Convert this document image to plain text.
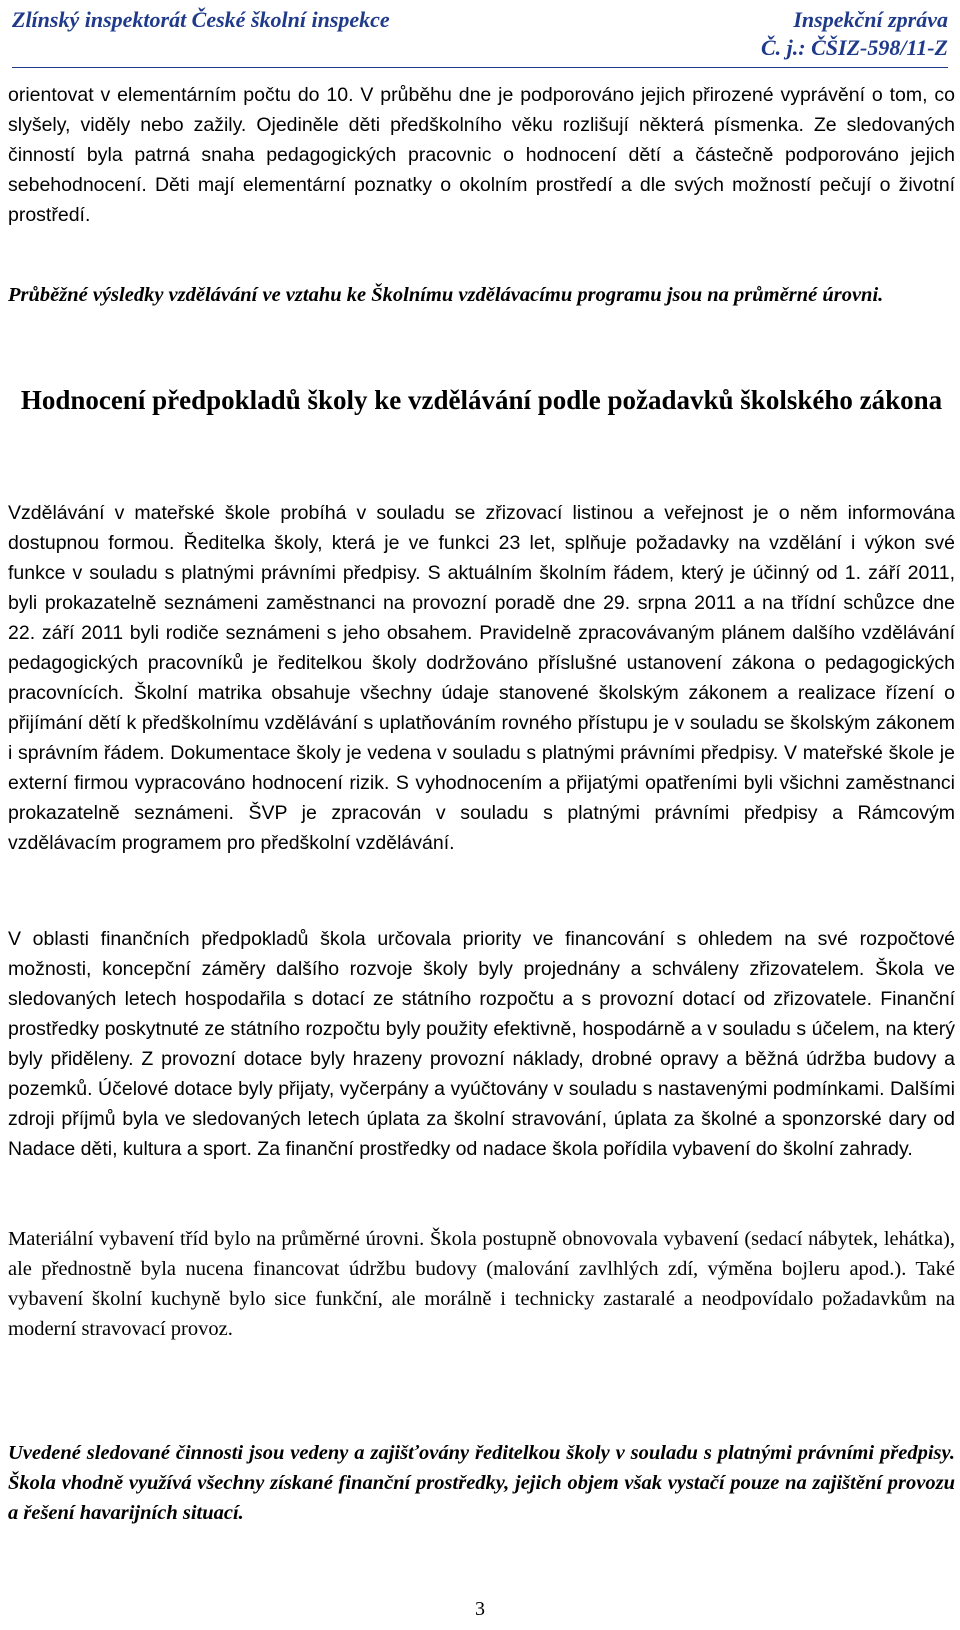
Zlínský inspektorát České školní inspekce	Inspekční zpráva
Č. j.: ČŠIZ-598/11-Z

orientovat v elementárním počtu do 10. V průběhu dne je podporováno jejich přirozené vyprávění o tom, co slyšely, viděly nebo zažily. Ojediněle děti předškolního věku rozlišují některá písmenka. Ze sledovaných činností byla patrná snaha pedagogických pracovnic o hodnocení dětí a částečně podporováno jejich sebehodnocení. Děti mají elementární poznatky o okolním prostředí a dle svých možností pečují o životní prostředí.

Průběžné výsledky vzdělávání ve vztahu ke Školnímu vzdělávacímu programu jsou na průměrné úrovni.

Hodnocení předpokladů školy ke vzdělávání podle požadavků školského zákona

Vzdělávání v mateřské škole probíhá v souladu se zřizovací listinou a veřejnost je o něm informována dostupnou formou. Ředitelka školy, která je ve funkci 23 let, splňuje požadavky na vzdělání i výkon své funkce v souladu s platnými právními předpisy. S aktuálním školním řádem, který je účinný od 1. září 2011, byli prokazatelně seznámeni zaměstnanci na provozní poradě dne 29. srpna 2011 a na třídní schůzce dne 22. září 2011 byli rodiče seznámeni s jeho obsahem. Pravidelně zpracovávaným plánem dalšího vzdělávání pedagogických pracovníků je ředitelkou školy dodržováno příslušné ustanovení zákona o pedagogických pracovnících. Školní matrika obsahuje všechny údaje stanovené školským zákonem a realizace řízení o přijímání dětí k předškolnímu vzdělávání s uplatňováním rovného přístupu je v souladu se školským zákonem i správním řádem. Dokumentace školy je vedena v souladu s platnými právními předpisy. V mateřské škole je externí firmou vypracováno hodnocení rizik. S vyhodnocením a přijatými opatřeními byli všichni zaměstnanci prokazatelně seznámeni. ŠVP je zpracován v souladu s platnými právními předpisy a Rámcovým vzdělávacím programem pro předškolní vzdělávání.

V oblasti finančních předpokladů škola určovala priority ve financování s ohledem na své rozpočtové možnosti, koncepční záměry dalšího rozvoje školy byly projednány a schváleny zřizovatelem. Škola ve sledovaných letech hospodařila s dotací ze státního rozpočtu a s provozní dotací od zřizovatele. Finanční prostředky poskytnuté ze státního rozpočtu byly použity efektivně, hospodárně a v souladu s účelem, na který byly přiděleny. Z provozní dotace byly hrazeny provozní náklady, drobné opravy a běžná údržba budovy a pozemků. Účelové dotace byly přijaty, vyčerpány a vyúčtovány v souladu s nastavenými podmínkami. Dalšími zdroji příjmů byla ve sledovaných letech úplata za školní stravování, úplata za školné a sponzorské dary od Nadace děti, kultura a sport. Za finanční prostředky od nadace škola pořídila vybavení do školní zahrady.

Materiální vybavení tříd bylo na průměrné úrovni. Škola postupně obnovovala vybavení (sedací nábytek, lehátka), ale přednostně byla nucena financovat údržbu budovy (malování zavlhlých zdí, výměna bojleru apod.). Také vybavení školní kuchyně bylo sice funkční, ale morálně i technicky zastaralé a neodpovídalo požadavkům na moderní stravovací provoz.

Uvedené sledované činnosti jsou vedeny a zajišťovány ředitelkou školy v souladu s platnými právními předpisy. Škola vhodně využívá všechny získané finanční prostředky, jejich objem však vystačí pouze na zajištění provozu a řešení havarijních situací.

3
